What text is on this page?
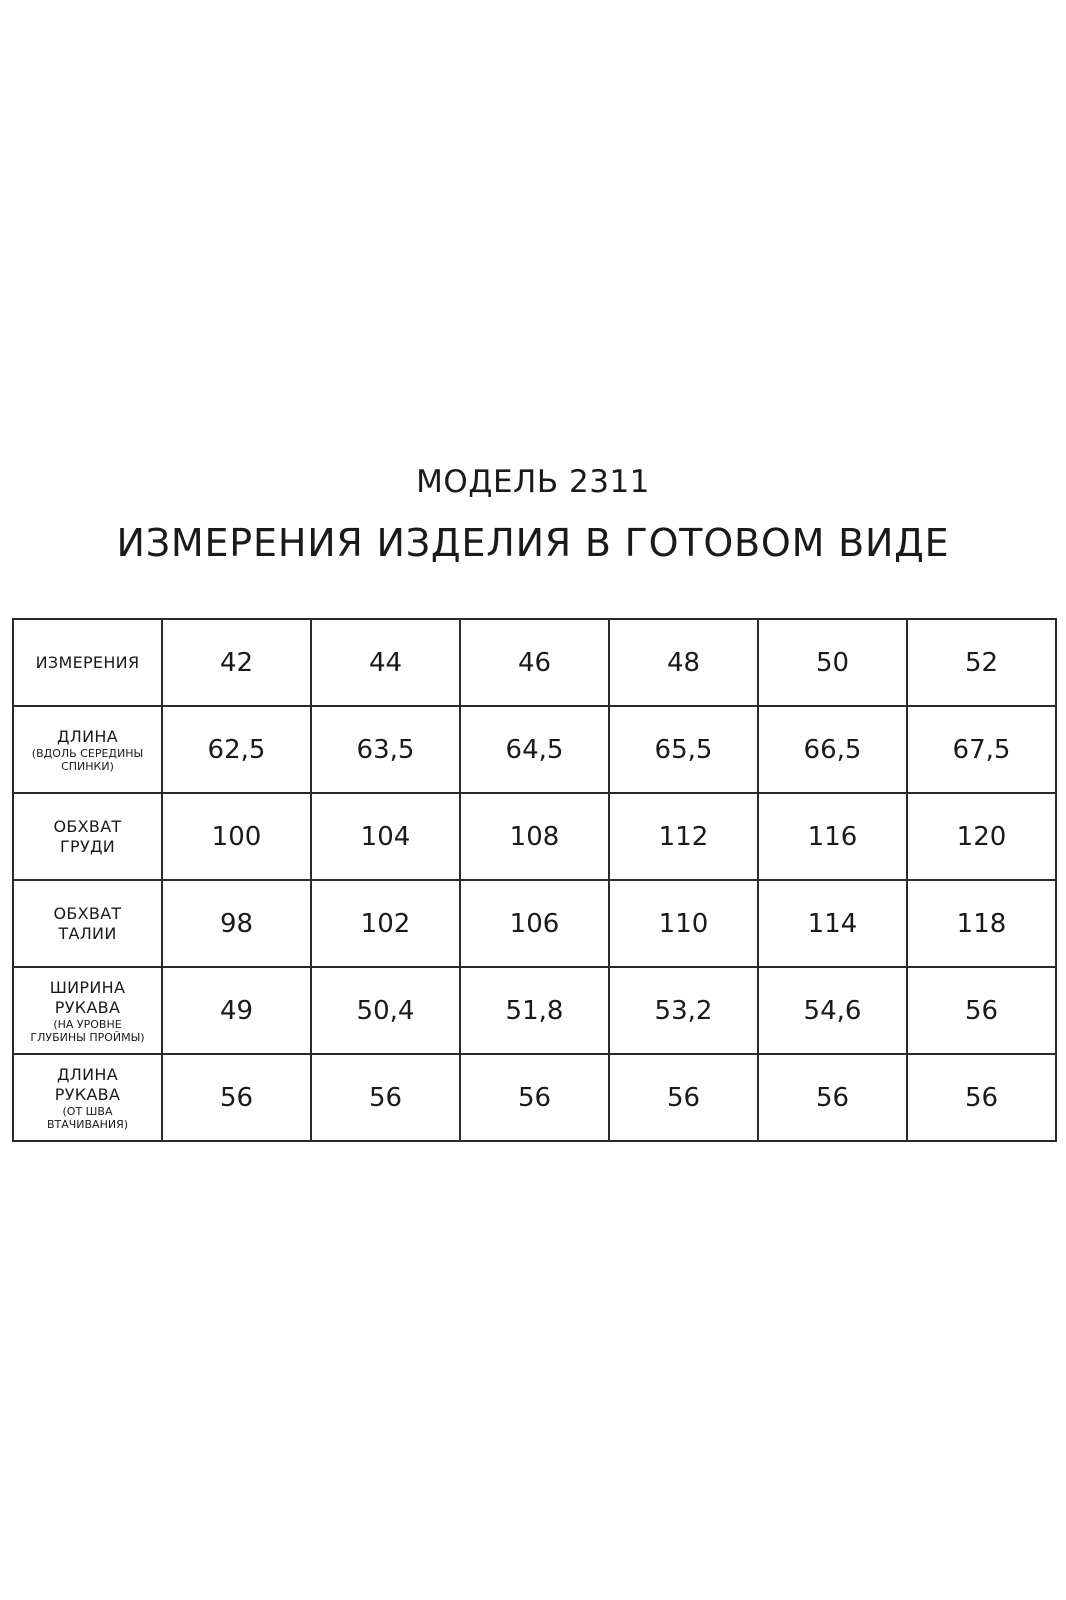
МОДЕЛЬ 2311
ИЗМЕРЕНИЯ ИЗДЕЛИЯ В ГОТОВОМ ВИДЕ
ИЗМЕРЕНИЯ	42	44	46	48	50	52

ДЛИНА
(ВДОЛЬ СЕРЕДИНЫ
СПИНКИ)	62,5	63,5	64,5	65,5	66,5	67,5

ОБХВАТ
ГРУДИ	100	104	108	112	116	120

ОБХВАТ
ТАЛИИ	98	102	106	110	114	118

ШИРИНА
РУКАВА
(НА УРОВНЕ
ГЛУБИНЫ ПРОЙМЫ)	49	50,4	51,8	53,2	54,6	56

ДЛИНА
РУКАВА
(ОТ ШВА
ВТАЧИВАНИЯ)	56	56	56	56	56	56
